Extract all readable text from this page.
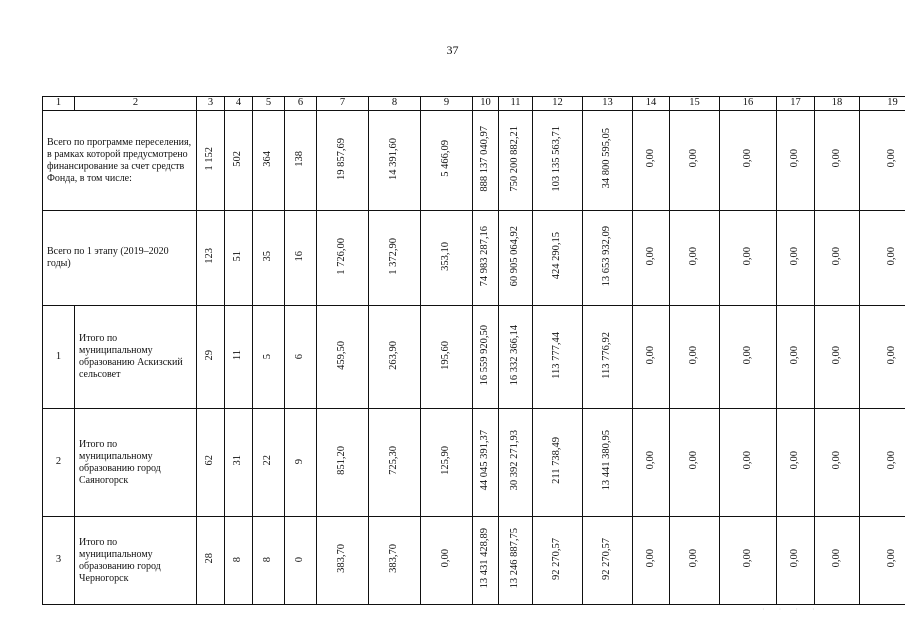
37
1	2	3	4	5	6	7	8	9	10	11	12	13	14	15	16	17	18	19
Всего по программе переселения, в рамках которой предусмотрено финансирование за счет средств Фонда, в том числе:		1 152	502	364	138	19 857,69	14 391,60	5 466,09	888 137 040,97	750 200 882,21	103 135 563,71	34 800 595,05	0,00	0,00	0,00	0,00	0,00	0,00
Всего по 1 этапу (2019–2020 годы)		123	51	35	16	1 726,00	1 372,90	353,10	74 983 287,16	60 905 064,92	424 290,15	13 653 932,09	0,00	0,00	0,00	0,00	0,00	0,00
1	Итого по муниципальному образованию Аскизский сельсовет	29	11	5	6	459,50	263,90	195,60	16 559 920,50	16 332 366,14	113 777,44	113 776,92	0,00	0,00	0,00	0,00	0,00	0,00
2	Итого по муниципальному образованию город Саяногорск	62	31	22	9	851,20	725,30	125,90	44 045 391,37	30 392 271,93	211 738,49	13 441 380,95	0,00	0,00	0,00	0,00	0,00	0,00
3	Итого по муниципальному образованию город Черногорск	28	8	8	0	383,70	383,70	0,00	13 431 428,89	13 246 887,75	92 270,57	92 270,57	0,00	0,00	0,00	0,00	0,00	0,00
· · · ·
